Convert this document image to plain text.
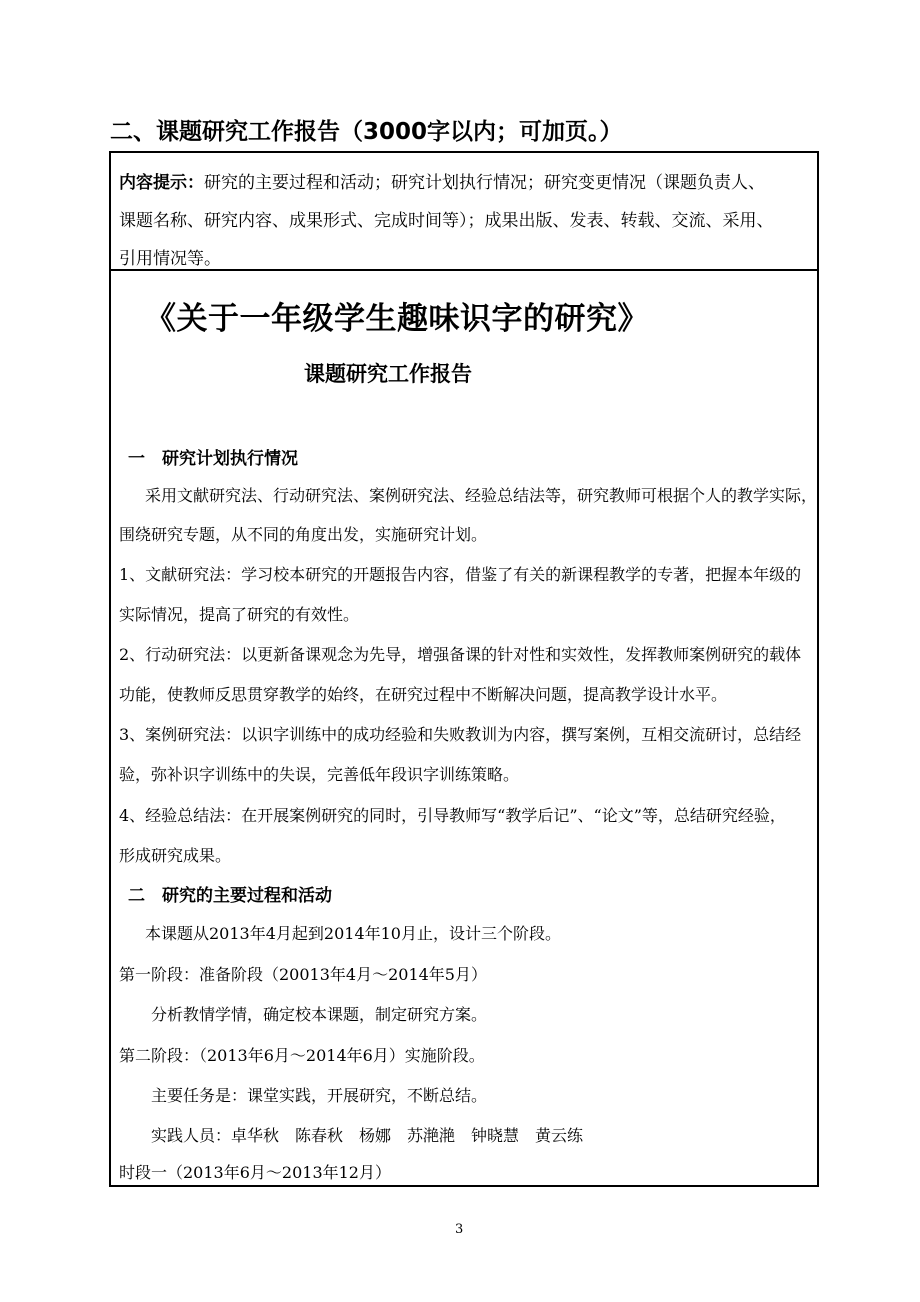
二、课题研究工作报告（3000字以内；可加页。）
内容提示：研究的主要过程和活动；研究计划执行情况；研究变更情况（课题负责人、
课题名称、研究内容、成果形式、完成时间等）；成果出版、发表、转载、交流、采用、
引用情况等。
《关于一年级学生趣味识字的研究》
课题研究工作报告
一　研究计划执行情况
采用文献研究法、行动研究法、案例研究法、经验总结法等，研究教师可根据个人的教学实际，
围绕研究专题，从不同的角度出发，实施研究计划。
1、文献研究法：学习校本研究的开题报告内容，借鉴了有关的新课程教学的专著，把握本年级的
实际情况，提高了研究的有效性。
2、行动研究法：以更新备课观念为先导，增强备课的针对性和实效性，发挥教师案例研究的载体
功能，使教师反思贯穿教学的始终，在研究过程中不断解决问题，提高教学设计水平。
3、案例研究法：以识字训练中的成功经验和失败教训为内容，撰写案例，互相交流研讨，总结经
验，弥补识字训练中的失误，完善低年段识字训练策略。
4、经验总结法：在开展案例研究的同时，引导教师写“教学后记”、“论文”等，总结研究经验，
形成研究成果。
二　研究的主要过程和活动
本课题从2013年4月起到2014年10月止，设计三个阶段。
第一阶段：准备阶段（20013年4月～2014年5月）
分析教情学情，确定校本课题，制定研究方案。
第二阶段：（2013年6月～2014年6月）实施阶段。
主要任务是：课堂实践，开展研究，不断总结。
实践人员：卓华秋　陈春秋　杨娜　苏滟滟　钟晓慧　黄云练
时段一（2013年6月～2013年12月）
3
